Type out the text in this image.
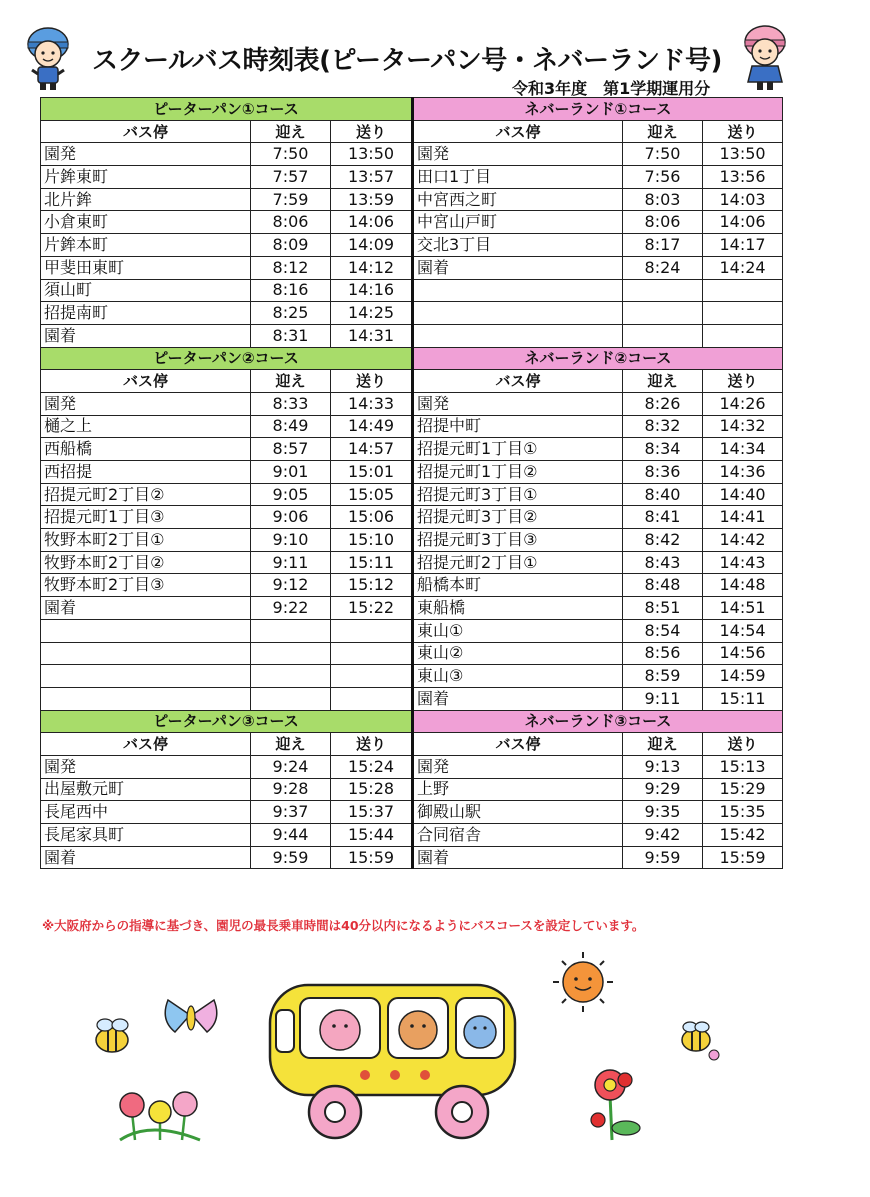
スクールバス時刻表(ピーターパン号・ネバーランド号)
令和3年度　第1学期運用分
ピーターパン①コース			ネバーランド①コース		
バス停	迎え	送り	バス停	迎え	送り
園発	7:50	13:50	園発	7:50	13:50
片鉾東町	7:57	13:57	田口1丁目	7:56	13:56
北片鉾	7:59	13:59	中宮西之町	8:03	14:03
小倉東町	8:06	14:06	中宮山戸町	8:06	14:06
片鉾本町	8:09	14:09	交北3丁目	8:17	14:17
甲斐田東町	8:12	14:12	園着	8:24	14:24
須山町	8:16	14:16			
招提南町	8:25	14:25			
園着	8:31	14:31			
ピーターパン②コース			ネバーランド②コース		
バス停	迎え	送り	バス停	迎え	送り
園発	8:33	14:33	園発	8:26	14:26
樋之上	8:49	14:49	招提中町	8:32	14:32
西船橋	8:57	14:57	招提元町1丁目①	8:34	14:34
西招提	9:01	15:01	招提元町1丁目②	8:36	14:36
招提元町2丁目②	9:05	15:05	招提元町3丁目①	8:40	14:40
招提元町1丁目③	9:06	15:06	招提元町3丁目②	8:41	14:41
牧野本町2丁目①	9:10	15:10	招提元町3丁目③	8:42	14:42
牧野本町2丁目②	9:11	15:11	招提元町2丁目①	8:43	14:43
牧野本町2丁目③	9:12	15:12	船橋本町	8:48	14:48
園着	9:22	15:22	東船橋	8:51	14:51
			東山①	8:54	14:54
			東山②	8:56	14:56
			東山③	8:59	14:59
			園着	9:11	15:11
ピーターパン③コース			ネバーランド③コース		
バス停	迎え	送り	バス停	迎え	送り
園発	9:24	15:24	園発	9:13	15:13
出屋敷元町	9:28	15:28	上野	9:29	15:29
長尾西中	9:37	15:37	御殿山駅	9:35	15:35
長尾家具町	9:44	15:44	合同宿舎	9:42	15:42
園着	9:59	15:59	園着	9:59	15:59
※大阪府からの指導に基づき、園児の最長乗車時間は40分以内になるようにバスコースを設定しています。
